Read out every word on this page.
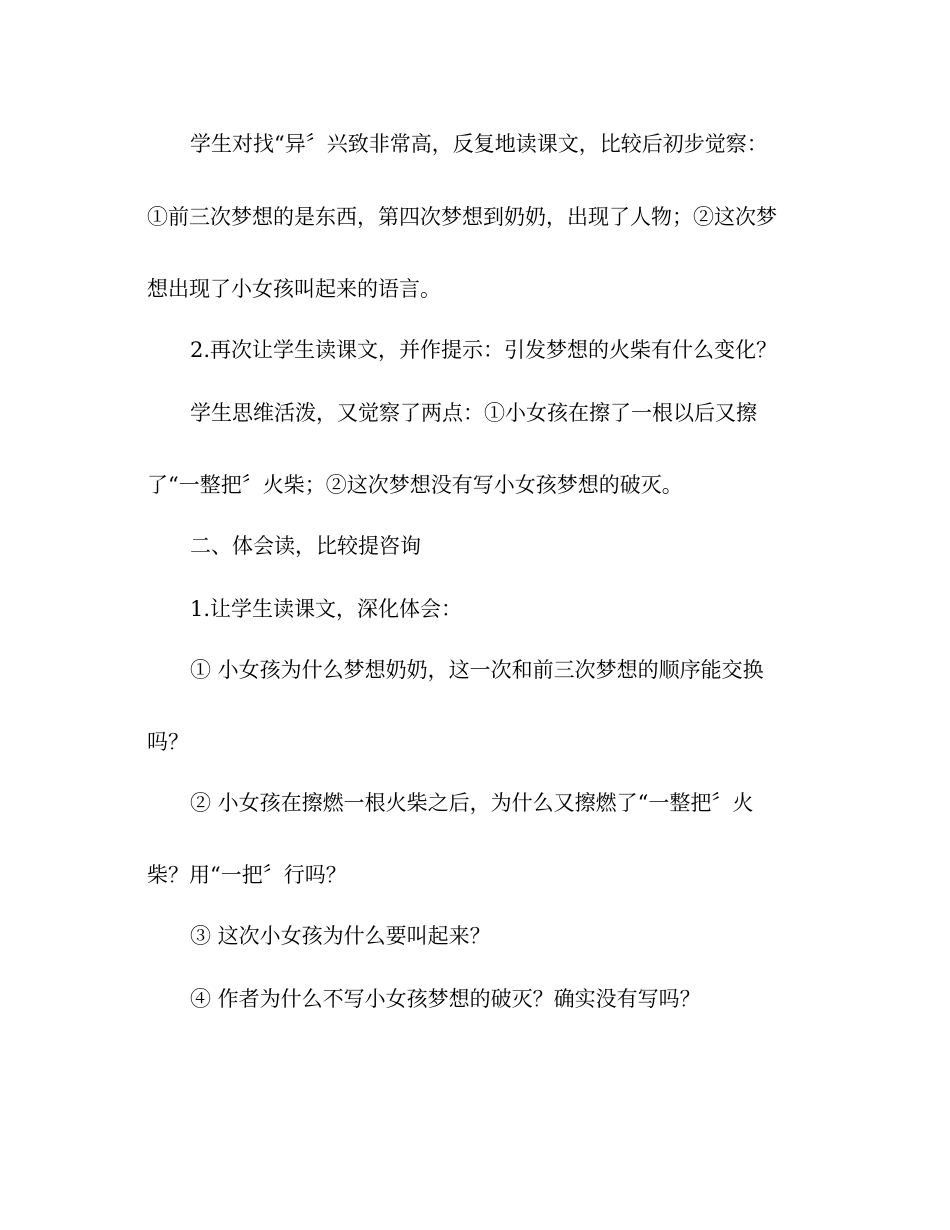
学生对找“异〞兴致非常高，反复地读课文，比较后初步觉察：
①前三次梦想的是东西，第四次梦想到奶奶，出现了人物；②这次梦
想出现了小女孩叫起来的语言。
2.再次让学生读课文，并作提示：引发梦想的火柴有什么变化？
学生思维活泼，又觉察了两点：①小女孩在擦了一根以后又擦
了“一整把〞火柴；②这次梦想没有写小女孩梦想的破灭。
二、体会读，比较提咨询
1.让学生读课文，深化体会：
① 小女孩为什么梦想奶奶，这一次和前三次梦想的顺序能交换
吗？
② 小女孩在擦燃一根火柴之后，为什么又擦燃了“一整把〞火
柴？用“一把〞行吗？
③ 这次小女孩为什么要叫起来？
④ 作者为什么不写小女孩梦想的破灭？确实没有写吗？
